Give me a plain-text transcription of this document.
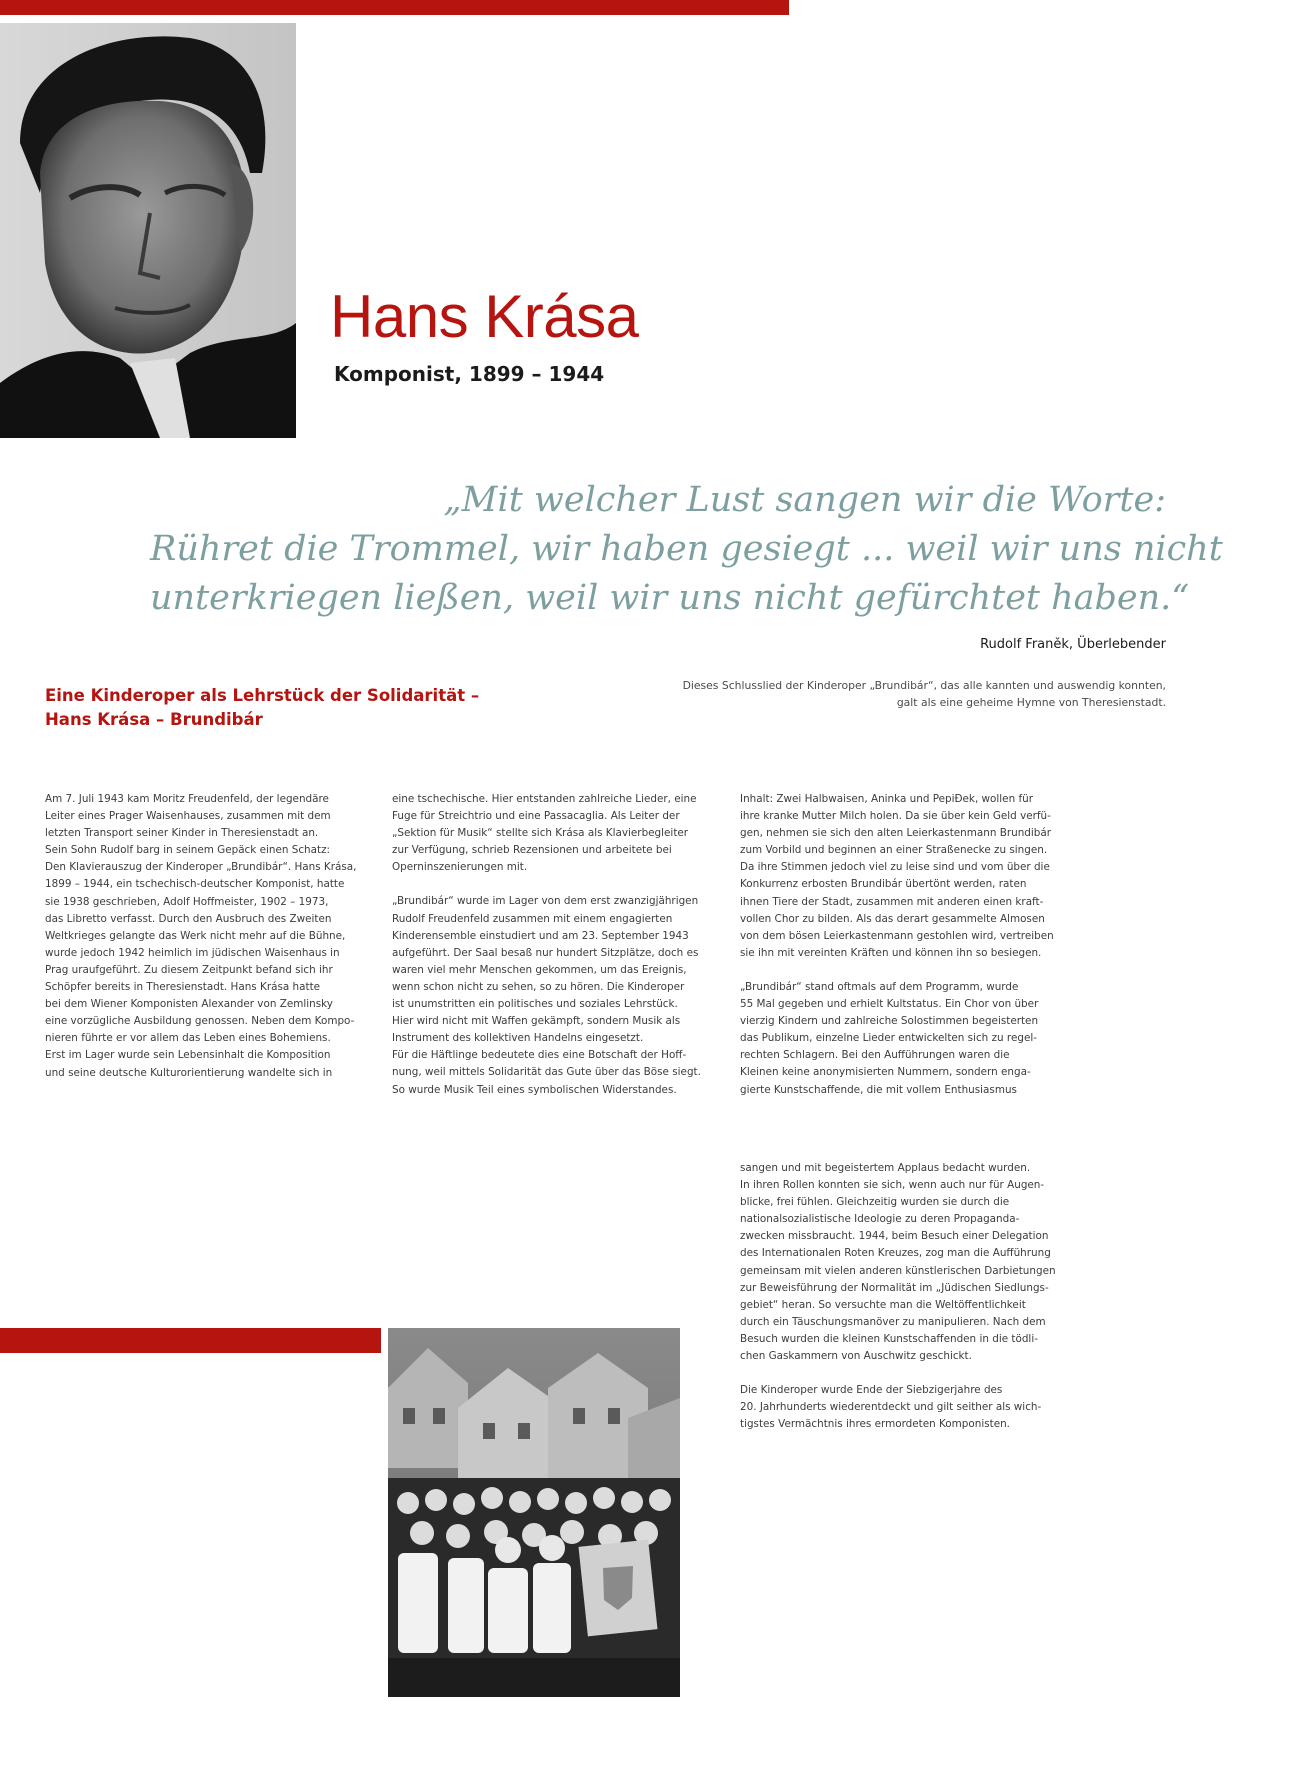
Hans Krása
Komponist, 1899 – 1944
„Mit welcher Lust sangen wir die Worte:
Rühret die Trommel, wir haben gesiegt ... weil wir uns nicht
unterkriegen ließen, weil wir uns nicht gefürchtet haben.“
Rudolf Franěk, Überlebender
Eine Kinderoper als Lehrstück der Solidarität –
Hans Krása – Brundibár
Dieses Schlusslied der Kinderoper „Brundibár“, das alle kannten und auswendig konnten,
galt als eine geheime Hymne von Theresienstadt.
Am 7. Juli 1943 kam Moritz Freudenfeld, der legendäre
Leiter eines Prager Waisenhauses, zusammen mit dem
letzten Transport seiner Kinder in Theresienstadt an.
Sein Sohn Rudolf barg in seinem Gepäck einen Schatz:
Den Klavierauszug der Kinderoper „Brundibár“. Hans Krása,
1899 – 1944, ein tschechisch-deutscher Komponist, hatte
sie 1938 geschrieben, Adolf Hoffmeister, 1902 – 1973,
das Libretto verfasst. Durch den Ausbruch des Zweiten
Weltkrieges gelangte das Werk nicht mehr auf die Bühne,
wurde jedoch 1942 heimlich im jüdischen Waisenhaus in
Prag uraufgeführt. Zu diesem Zeitpunkt befand sich ihr
Schöpfer bereits in Theresienstadt. Hans Krása hatte
bei dem Wiener Komponisten Alexander von Zemlinsky
eine vorzügliche Ausbildung genossen. Neben dem Kompo-
nieren führte er vor allem das Leben eines Bohemiens.
Erst im Lager wurde sein Lebensinhalt die Komposition
und seine deutsche Kulturorientierung wandelte sich in
eine tschechische. Hier entstanden zahlreiche Lieder, eine
Fuge für Streichtrio und eine Passacaglia. Als Leiter der
„Sektion für Musik“ stellte sich Krása als Klavierbegleiter
zur Verfügung, schrieb Rezensionen und arbeitete bei
Operninszenierungen mit.
„Brundibár“ wurde im Lager von dem erst zwanzigjährigen
Rudolf Freudenfeld zusammen mit einem engagierten
Kinderensemble einstudiert und am 23. September 1943
aufgeführt. Der Saal besaß nur hundert Sitzplätze, doch es
waren viel mehr Menschen gekommen, um das Ereignis,
wenn schon nicht zu sehen, so zu hören. Die Kinderoper
ist unumstritten ein politisches und soziales Lehrstück.
Hier wird nicht mit Waffen gekämpft, sondern Musik als
Instrument des kollektiven Handelns eingesetzt.
Für die Häftlinge bedeutete dies eine Botschaft der Hoff-
nung, weil mittels Solidarität das Gute über das Böse siegt.
So wurde Musik Teil eines symbolischen Widerstandes.
Inhalt: Zwei Halbwaisen, Aninka und PepiĐek, wollen für
ihre kranke Mutter Milch holen. Da sie über kein Geld verfü-
gen, nehmen sie sich den alten Leierkastenmann Brundibár
zum Vorbild und beginnen an einer Straßenecke zu singen.
Da ihre Stimmen jedoch viel zu leise sind und vom über die
Konkurrenz erbosten Brundibár übertönt werden, raten
ihnen Tiere der Stadt, zusammen mit anderen einen kraft-
vollen Chor zu bilden. Als das derart gesammelte Almosen
von dem bösen Leierkastenmann gestohlen wird, vertreiben
sie ihn mit vereinten Kräften und können ihn so besiegen.
„Brundibár“ stand oftmals auf dem Programm, wurde
55 Mal gegeben und erhielt Kultstatus. Ein Chor von über
vierzig Kindern und zahlreiche Solostimmen begeisterten
das Publikum, einzelne Lieder entwickelten sich zu regel-
rechten Schlagern. Bei den Aufführungen waren die
Kleinen keine anonymisierten Nummern, sondern enga-
gierte Kunstschaffende, die mit vollem Enthusiasmus
sangen und mit begeistertem Applaus bedacht wurden.
In ihren Rollen konnten sie sich, wenn auch nur für Augen-
blicke, frei fühlen. Gleichzeitig wurden sie durch die
nationalsozialistische Ideologie zu deren Propaganda-
zwecken missbraucht. 1944, beim Besuch einer Delegation
des Internationalen Roten Kreuzes, zog man die Aufführung
gemeinsam mit vielen anderen künstlerischen Darbietungen
zur Beweisführung der Normalität im „Jüdischen Siedlungs-
gebiet“ heran. So versuchte man die Weltöffentlichkeit
durch ein Täuschungsmanöver zu manipulieren. Nach dem
Besuch wurden die kleinen Kunstschaffenden in die tödli-
chen Gaskammern von Auschwitz geschickt.
Die Kinderoper wurde Ende der Siebzigerjahre des
20. Jahrhunderts wiederentdeckt und gilt seither als wich-
tigstes Vermächtnis ihres ermordeten Komponisten.
